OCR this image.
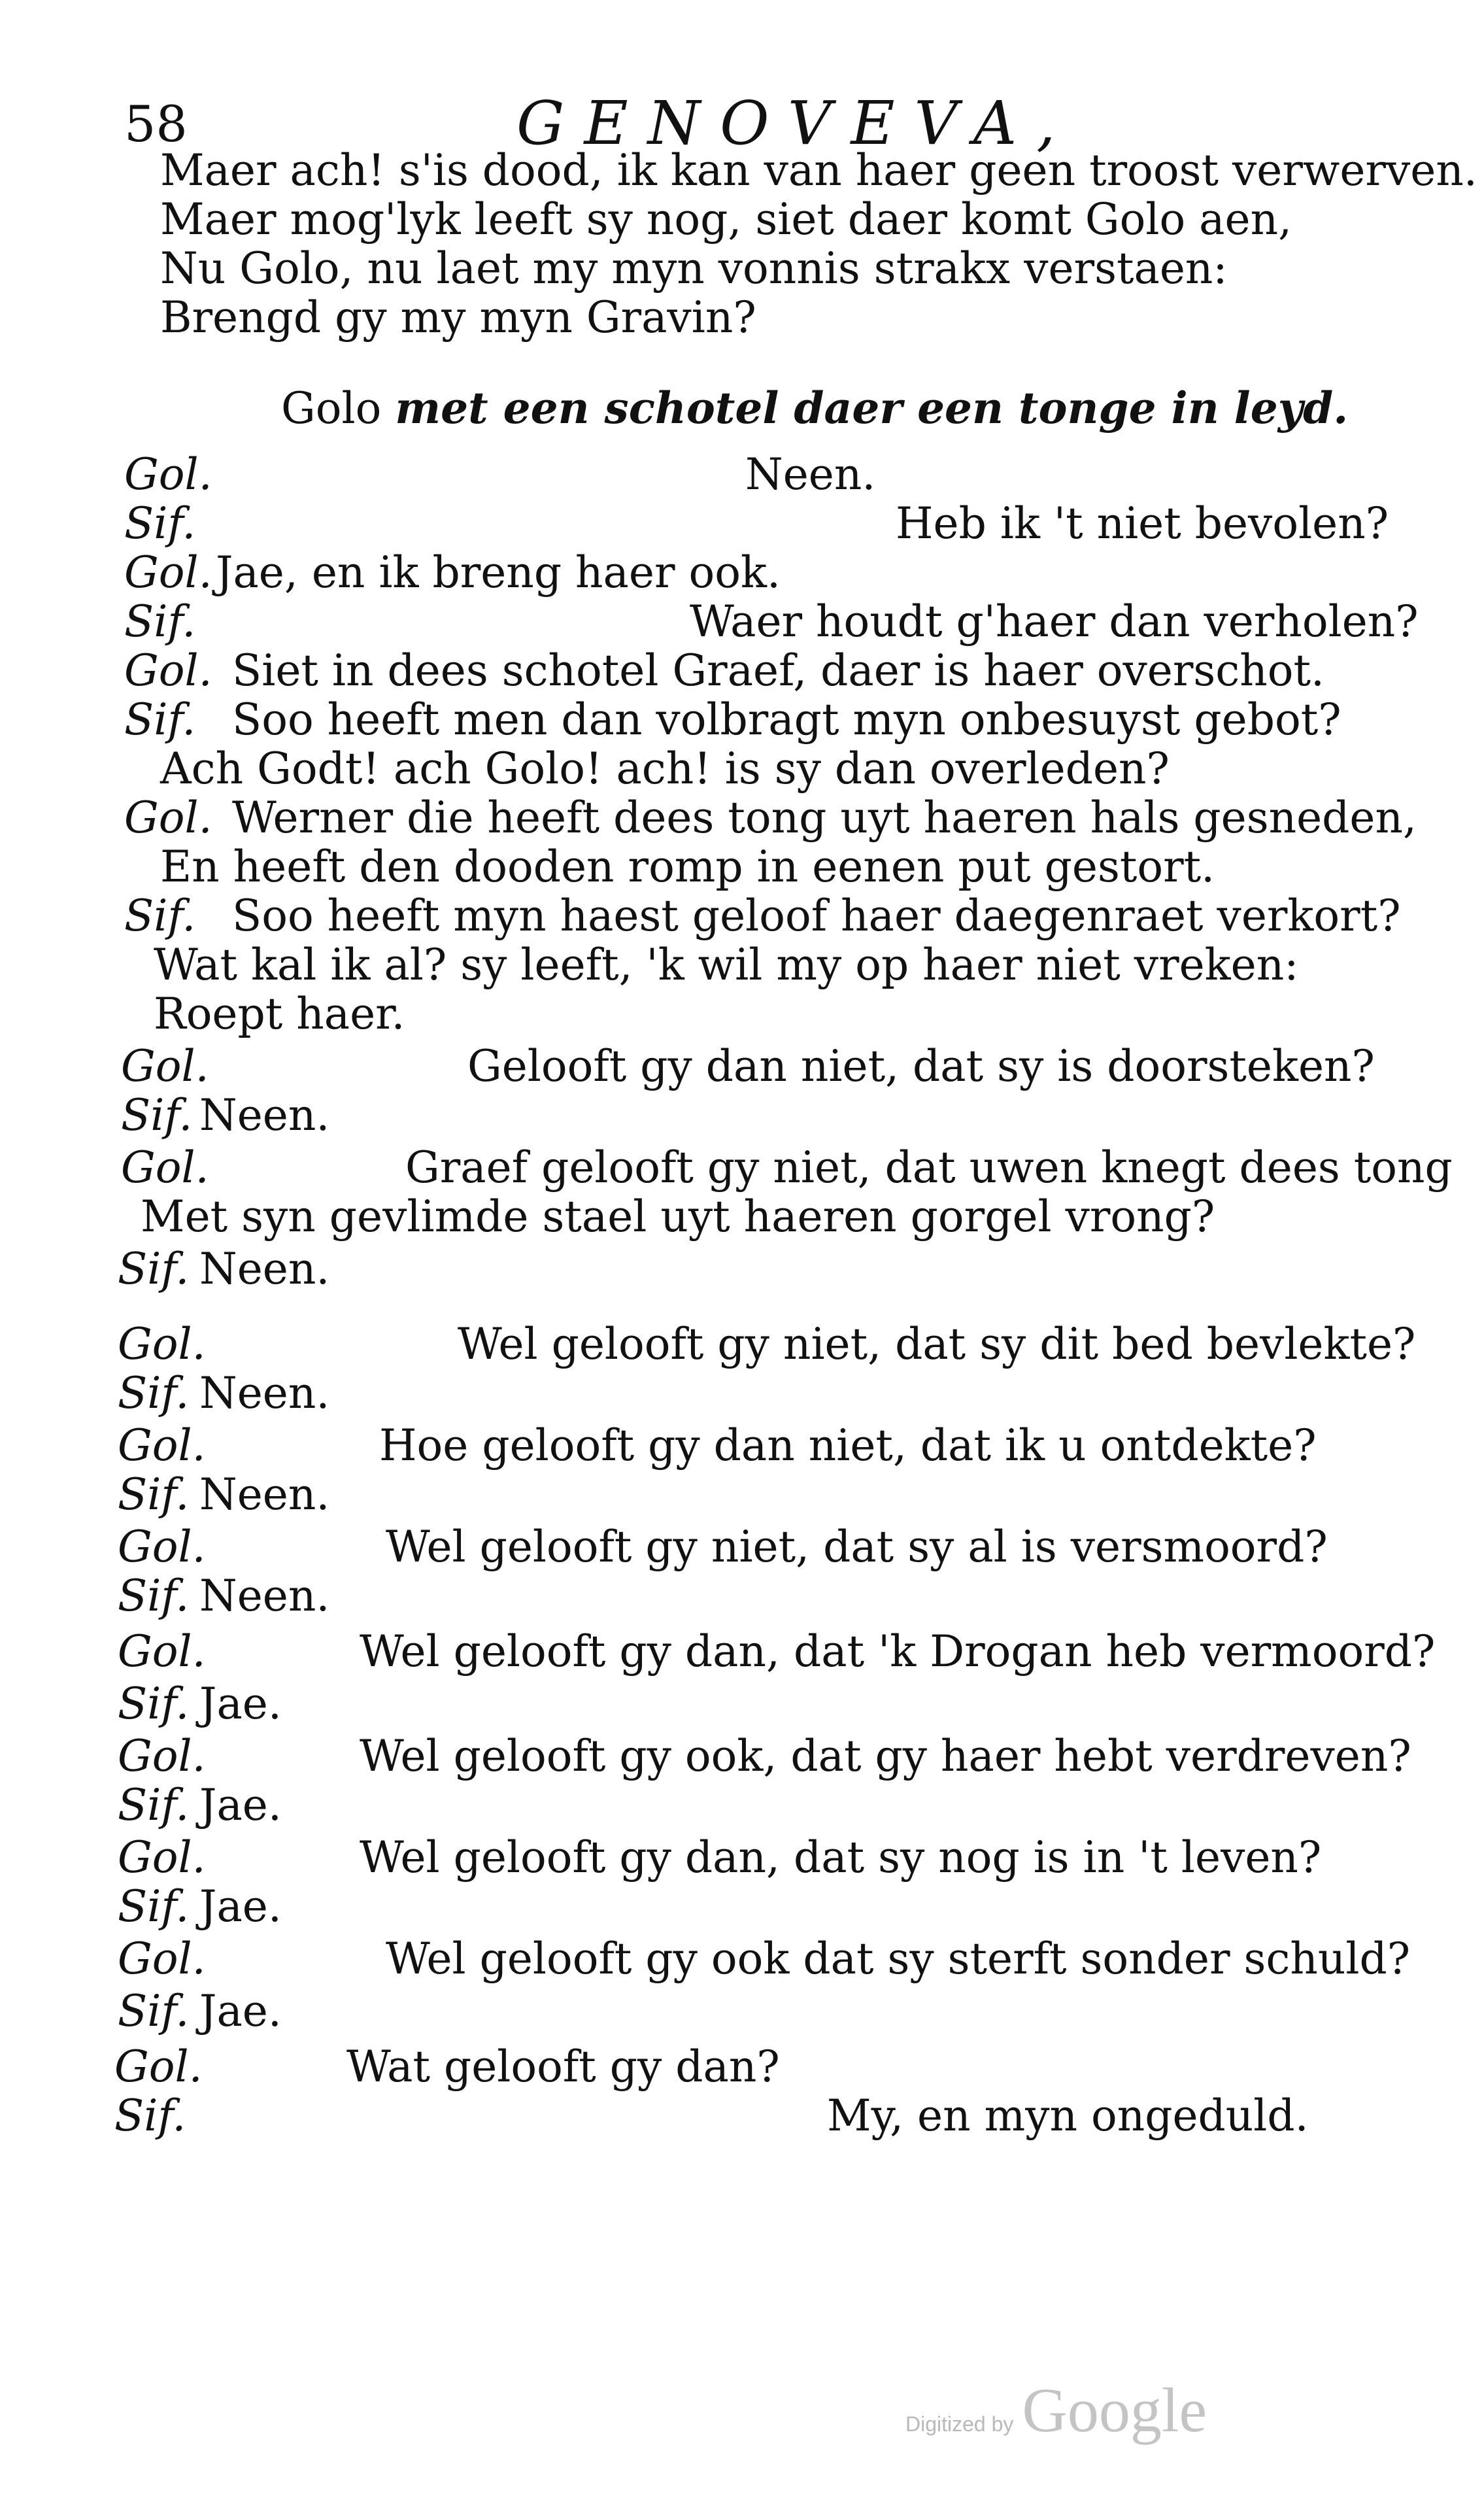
58	GENOVEVA,
Maer ach! s'is dood, ik kan van haer geen troost verwerven.
Maer mog'lyk leeft sy nog, siet daer komt Golo aen,
Nu Golo, nu laet my myn vonnis strakx verstaen:
Brengd gy my myn Gravin?
Golo met een schotel daer een tonge in leyd.
Gol.	Neen.
Sif.	Heb ik 't niet bevolen?
Gol. Jae, en ik breng haer ook.
Sif.	Waer houdt g'haer dan verholen?
Gol. Siet in dees schotel Graef, daer is haer overschot.
Sif. Soo heeft men dan volbragt myn onbesuyst gebot?
Ach Godt! ach Golo! ach! is sy dan overleden?
Gol. Werner die heeft dees tong uyt haeren hals gesneden,
En heeft den dooden romp in eenen put gestort.
Sif. Soo heeft myn haest geloof haer daegenraet verkort?
Wat kal ik al? sy leeft, 'k wil my op haer niet vreken:
Roept haer.
Gol.	Gelooft gy dan niet, dat sy is doorsteken?
Sif. Neen.
Gol.	Graef gelooft gy niet, dat uwen knegt dees tong
Met syn gevlimde stael uyt haeren gorgel vrong?
Sif. Neen.
Gol.	Wel gelooft gy niet, dat sy dit bed bevlekte?
Sif. Neen.
Gol.	Hoe gelooft gy dan niet, dat ik u ontdekte?
Sif. Neen.
Gol.	Wel gelooft gy niet, dat sy al is versmoord?
Sif. Neen.
Gol.	Wel gelooft gy dan, dat 'k Drogan heb vermoord?
Sif. Jae.
Gol.	Wel gelooft gy ook, dat gy haer hebt verdreven?
Sif. Jae.
Gol.	Wel gelooft gy dan, dat sy nog is in 't leven?
Sif. Jae.
Gol.	Wel gelooft gy ook dat sy sterft sonder schuld?
Sif. Jae.
Gol.	Wat gelooft gy dan?
Sif.	My, en myn ongeduld.
Digitized by Google
